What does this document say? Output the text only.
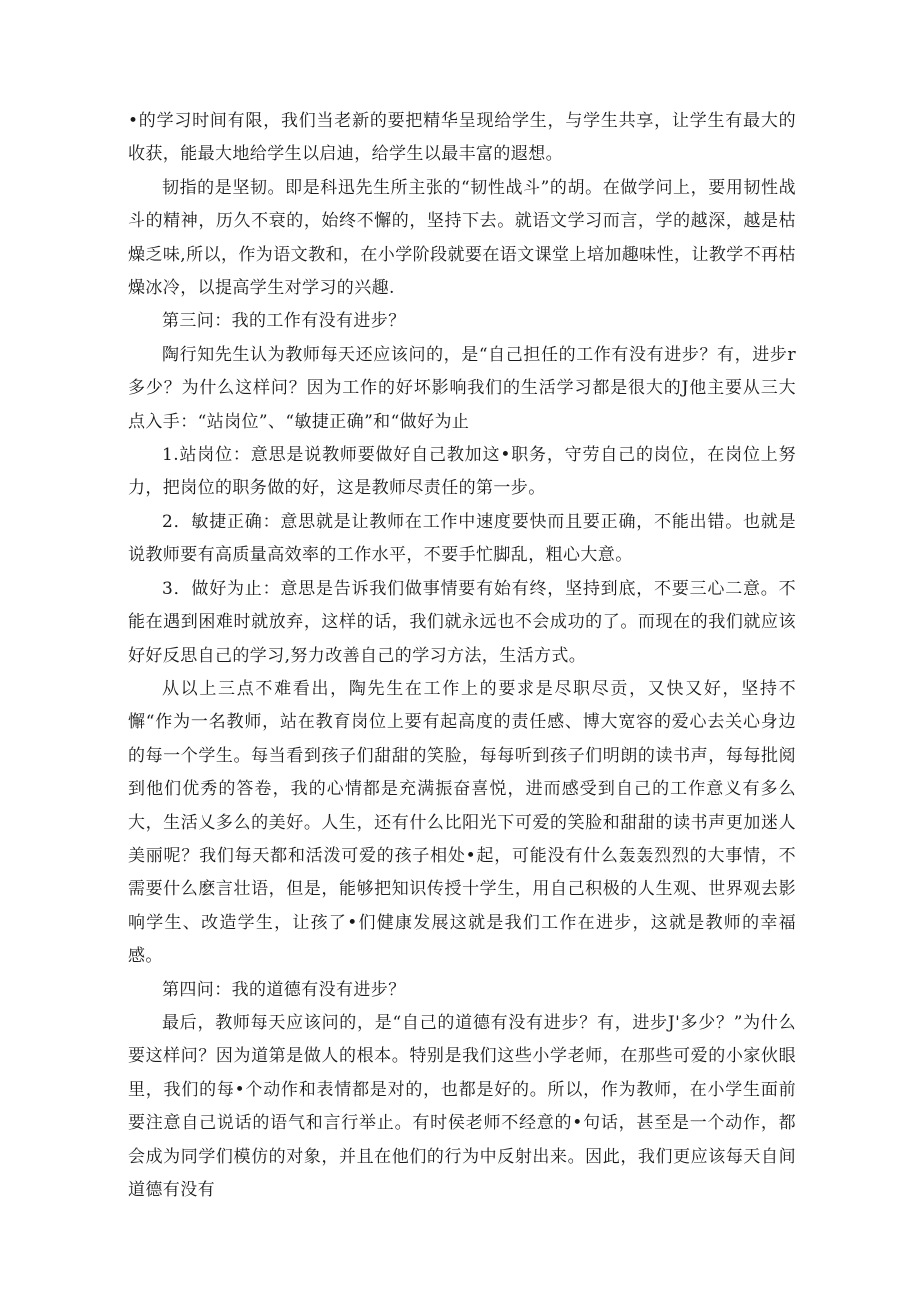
•的学习时间有限，我们当老新的要把精华呈现给学生，与学生共享，让学生有最大的收获，能最大地给学生以启迪，给学生以最丰富的遐想。

韧指的是坚韧。即是科迅先生所主张的“韧性战斗”的胡。在做学问上，要用韧性战斗的精神，历久不衰的，始终不懈的，坚持下去。就语文学习而言，学的越深，越是枯燥乏味,所以，作为语文教和，在小学阶段就要在语文课堂上培加趣味性，让教学不再枯燥冰冷，以提高学生对学习的兴趣.

第三问：我的工作有没有进步？

陶行知先生认为教师每天还应该问的，是“自己担任的工作有没有进步？有，进步r多少？为什么这样问？因为工作的好坏影响我们的生活学习都是很大的J他主要从三大点入手：“站岗位”、“敏捷正确”和“做好为止

1.站岗位：意思是说教师要做好自己教加这•职务，守劳自己的岗位，在岗位上努力，把岗位的职务做的好，这是教师尽责任的第一步。

2．敏捷正确：意思就是让教师在工作中速度要快而且要正确，不能出错。也就是说教师要有高质量高效率的工作水平，不要手忙脚乱，粗心大意。

3．做好为止：意思是告诉我们做事情要有始有终，坚持到底，不要三心二意。不能在遇到困难时就放弃，这样的话，我们就永远也不会成功的了。而现在的我们就应该好好反思自己的学习,努力改善自己的学习方法，生活方式。

从以上三点不难看出，陶先生在工作上的要求是尽职尽贡，又快又好，坚持不懈“作为一名教师，站在教育岗位上要有起高度的责任感、博大宽容的爱心去关心身边的每一个学生。每当看到孩子们甜甜的笑脸，每每听到孩子们明朗的读书声，每每批阅到他们优秀的答卷，我的心情都是充满振奋喜悦，进而感受到自己的工作意义有多么大，生活乂多么的美好。人生，还有什么比阳光下可爱的笑脸和甜甜的读书声更加迷人美丽呢？我们每天都和活泼可爱的孩子相处•起，可能没有什么轰轰烈烈的大事情，不需要什么麽言壮语，但是，能够把知识传授十学生，用自己积极的人生观、世界观去影响学生、改造学生，让孩了•们健康发展这就是我们工作在进步，这就是教师的幸福感。

第四问：我的道德有没有进步？

最后，教师每天应该问的，是“自己的道德有没有进步？有，进步J'多少？”为什么要这样问？因为道第是做人的根本。特别是我们这些小学老师，在那些可爱的小家伙眼里，我们的每•个动作和表情都是对的，也都是好的。所以，作为教师，在小学生面前要注意自己说话的语气和言行举止。有时侯老师不经意的•句话，甚至是一个动作，都会成为同学们模仿的对象，并且在他们的行为中反射出来。因此，我们更应该每天自间道德有没有
